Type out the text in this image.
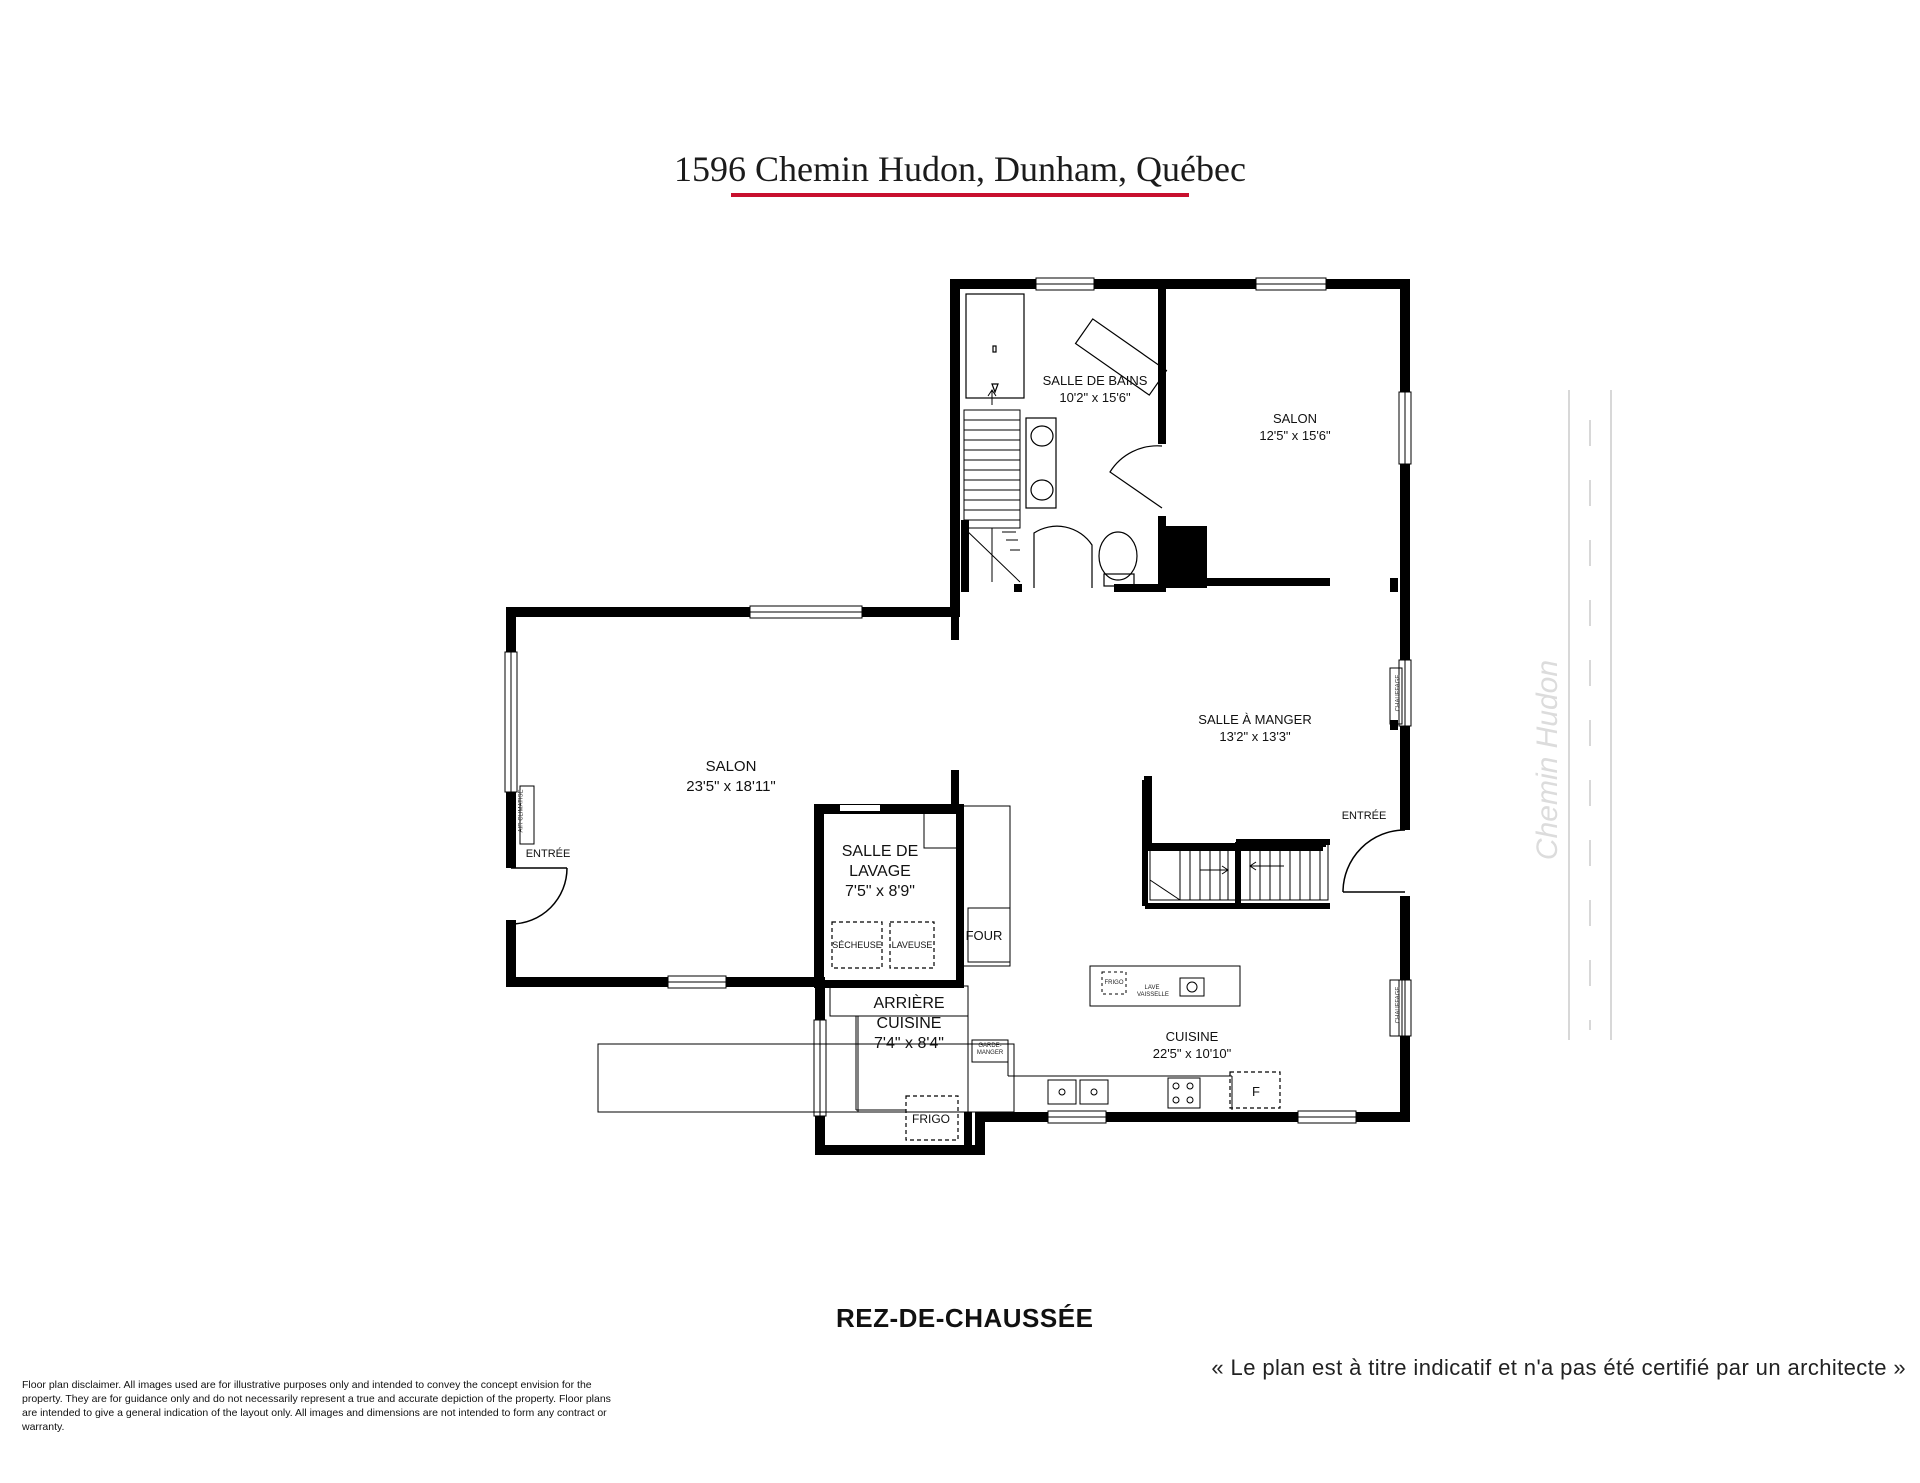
1596 Chemin Hudon, Dunham, Québec
SALLE DE BAINS
10'2" x 15'6"
SALON
12'5" x 15'6"
SALLE À MANGER
13'2" x 13'3"
SALON
23'5" x 18'11"
SALLE DE LAVAGE
7'5" x 8'9"
ARRIÈRE CUISINE
7'4" x 8'4"	CUISINE
22'5" x 10'10"
ENTRÉE
ENTRÉE
FOUR
SÉCHEUSE LAVEUSE
FRIGO
FRIGO
LAVE VAISSELLE
GARDE-MANGER
F
AIR CLIMATISÉ
CHAUFFAGE
CHAUFFAGE
Chemin Hudon
REZ-DE-CHAUSSÉE
« Le plan est à titre indicatif et n'a pas été certifié par un architecte »
Floor plan disclaimer. All images used are for illustrative purposes only and intended to convey the concept envision for the property. They are for guidance only and do not necessarily represent a true and accurate depiction of the property. Floor plans are intended to give a general indication of the layout only. All images and dimensions are not intended to form any contract or warranty.
